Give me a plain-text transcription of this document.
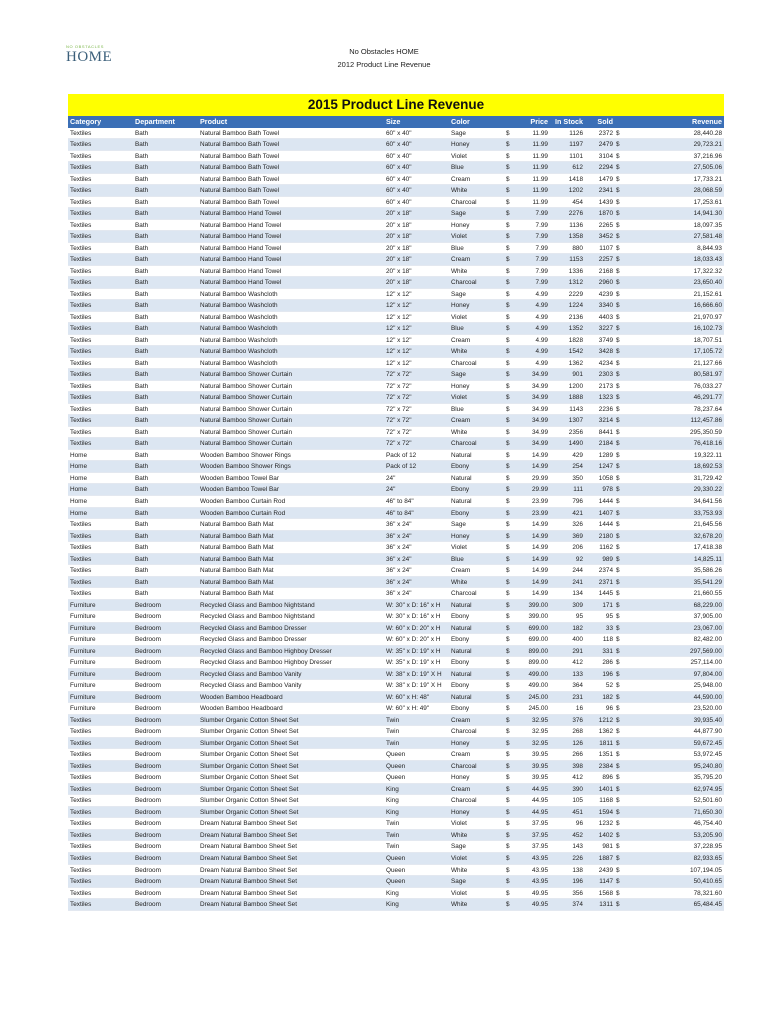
NO OBSTACLES
HOME	No Obstacles HOME
2012 Product Line Revenue
2015 Product Line Revenue
Category	Department	Product	Size	Color	Price In Stock	Sold	Revenue
Textiles	Bath	Natural Bamboo Bath Towel	60" x 40"	Sage	$	11.99	1126	2372 $	28,440.28
Textiles	Bath	Natural Bamboo Bath Towel	60" x 40"	Honey	$	11.99	1197	2479 $	29,723.21
Textiles	Bath	Natural Bamboo Bath Towel	60" x 40"	Violet	$	11.99	1101	3104 $	37,216.96
Textiles	Bath	Natural Bamboo Bath Towel	60" x 40"	Blue	$	11.99	612	2294 $	27,505.06
Textiles	Bath	Natural Bamboo Bath Towel	60" x 40"	Cream	$	11.99	1418	1479 $	17,733.21
Textiles	Bath	Natural Bamboo Bath Towel	60" x 40"	White	$	11.99	1202	2341 $	28,068.59
Textiles	Bath	Natural Bamboo Bath Towel	60" x 40"	Charcoal	$	11.99	454	1439 $	17,253.61
Textiles	Bath	Natural Bamboo Hand Towel	20" x 18"	Sage	$	7.99	2276	1870 $	14,941.30
Textiles	Bath	Natural Bamboo Hand Towel	20" x 18"	Honey	$	7.99	1136	2265 $	18,097.35
Textiles	Bath	Natural Bamboo Hand Towel	20" x 18"	Violet	$	7.99	1358	3452 $	27,581.48
Textiles	Bath	Natural Bamboo Hand Towel	20" x 18"	Blue	$	7.99	880	1107 $	8,844.93
Textiles	Bath	Natural Bamboo Hand Towel	20" x 18"	Cream	$	7.99	1153	2257 $	18,033.43
Textiles	Bath	Natural Bamboo Hand Towel	20" x 18"	White	$	7.99	1336	2168 $	17,322.32
Textiles	Bath	Natural Bamboo Hand Towel	20" x 18"	Charcoal	$	7.99	1312	2960 $	23,650.40
Textiles	Bath	Natural Bamboo Washcloth	12" x 12"	Sage	$	4.99	2229	4239 $	21,152.61
Textiles	Bath	Natural Bamboo Washcloth	12" x 12"	Honey	$	4.99	1224	3340 $	16,666.60
Textiles	Bath	Natural Bamboo Washcloth	12" x 12"	Violet	$	4.99	2136	4403 $	21,970.97
Textiles	Bath	Natural Bamboo Washcloth	12" x 12"	Blue	$	4.99	1352	3227 $	16,102.73
Textiles	Bath	Natural Bamboo Washcloth	12" x 12"	Cream	$	4.99	1828	3749 $	18,707.51
Textiles	Bath	Natural Bamboo Washcloth	12" x 12"	White	$	4.99	1542	3428 $	17,105.72
Textiles	Bath	Natural Bamboo Washcloth	12" x 12"	Charcoal	$	4.99	1362	4234 $	21,127.66
Textiles	Bath	Natural Bamboo Shower Curtain	72" x 72"	Sage	$	34.99	901	2303 $	80,581.97
Textiles	Bath	Natural Bamboo Shower Curtain	72" x 72"	Honey	$	34.99	1200	2173 $	76,033.27
Textiles	Bath	Natural Bamboo Shower Curtain	72" x 72"	Violet	$	34.99	1888	1323 $	46,291.77
Textiles	Bath	Natural Bamboo Shower Curtain	72" x 72"	Blue	$	34.99	1143	2236 $	78,237.64
Textiles	Bath	Natural Bamboo Shower Curtain	72" x 72"	Cream	$	34.99	1307	3214 $	112,457.86
Textiles	Bath	Natural Bamboo Shower Curtain	72" x 72"	White	$	34.99	2356	8441 $	295,350.59
Textiles	Bath	Natural Bamboo Shower Curtain	72" x 72"	Charcoal	$	34.99	1490	2184 $	76,418.16
Home	Bath	Wooden Bamboo Shower Rings	Pack of 12	Natural	$	14.99	429	1289 $	19,322.11
Home	Bath	Wooden Bamboo Shower Rings	Pack of 12	Ebony	$	14.99	254	1247 $	18,692.53
Home	Bath	Wooden Bamboo Towel Bar	24"	Natural	$	29.99	350	1058 $	31,729.42
Home	Bath	Wooden Bamboo Towel Bar	24"	Ebony	$	29.99	111	978 $	29,330.22
Home	Bath	Wooden Bamboo Curtain Rod	46" to 84"	Natural	$	23.99	796	1444 $	34,641.56
Home	Bath	Wooden Bamboo Curtain Rod	46" to 84"	Ebony	$	23.99	421	1407 $	33,753.93
Textiles	Bath	Natural Bamboo Bath Mat	36" x 24"	Sage	$	14.99	326	1444 $	21,645.56
Textiles	Bath	Natural Bamboo Bath Mat	36" x 24"	Honey	$	14.99	369	2180 $	32,678.20
Textiles	Bath	Natural Bamboo Bath Mat	36" x 24"	Violet	$	14.99	206	1162 $	17,418.38
Textiles	Bath	Natural Bamboo Bath Mat	36" x 24"	Blue	$	14.99	92	989 $	14,825.11
Textiles	Bath	Natural Bamboo Bath Mat	36" x 24"	Cream	$	14.99	244	2374 $	35,586.26
Textiles	Bath	Natural Bamboo Bath Mat	36" x 24"	White	$	14.99	241	2371 $	35,541.29
Textiles	Bath	Natural Bamboo Bath Mat	36" x 24"	Charcoal	$	14.99	134	1445 $	21,660.55
Furniture	Bedroom	Recycled Glass and Bamboo Nightstand	W: 30" x D: 16" x H	Natural	$	399.00	309	171 $	68,229.00
Furniture	Bedroom	Recycled Glass and Bamboo Nightstand	W: 30" x D: 16" x H	Ebony	$	399.00	95	95 $	37,905.00
Furniture	Bedroom	Recycled Glass and Bamboo Dresser	W: 60" x D: 20" x H	Natural	$	699.00	182	33 $	23,067.00
Furniture	Bedroom	Recycled Glass and Bamboo Dresser	W: 60" x D: 20" x H	Ebony	$	699.00	400	118 $	82,482.00
Furniture	Bedroom	Recycled Glass and Bamboo Highboy Dresser	W: 35" x D: 19" x H	Natural	$	899.00	291	331 $	297,569.00
Furniture	Bedroom	Recycled Glass and Bamboo Highboy Dresser	W: 35" x D: 19" x H	Ebony	$	899.00	412	286 $	257,114.00
Furniture	Bedroom	Recycled Glass and Bamboo Vanity	W: 38" x D: 19" X H	Natural	$	499.00	133	196 $	97,804.00
Furniture	Bedroom	Recycled Glass and Bamboo Vanity	W: 38" x D: 19" X H	Ebony	$	499.00	364	52 $	25,948.00
Furniture	Bedroom	Wooden Bamboo Headboard	W: 60" x H: 48"	Natural	$	245.00	231	182 $	44,590.00
Furniture	Bedroom	Wooden Bamboo Headboard	W: 60" x H: 49"	Ebony	$	245.00	16	96 $	23,520.00
Textiles	Bedroom	Slumber Organic Cotton Sheet Set	Twin	Cream	$	32.95	376	1212 $	39,935.40
Textiles	Bedroom	Slumber Organic Cotton Sheet Set	Twin	Charcoal	$	32.95	268	1362 $	44,877.90
Textiles	Bedroom	Slumber Organic Cotton Sheet Set	Twin	Honey	$	32.95	126	1811 $	59,672.45
Textiles	Bedroom	Slumber Organic Cotton Sheet Set	Queen	Cream	$	39.95	266	1351 $	53,972.45
Textiles	Bedroom	Slumber Organic Cotton Sheet Set	Queen	Charcoal	$	39.95	398	2384 $	95,240.80
Textiles	Bedroom	Slumber Organic Cotton Sheet Set	Queen	Honey	$	39.95	412	896 $	35,795.20
Textiles	Bedroom	Slumber Organic Cotton Sheet Set	King	Cream	$	44.95	390	1401 $	62,974.95
Textiles	Bedroom	Slumber Organic Cotton Sheet Set	King	Charcoal	$	44.95	105	1168 $	52,501.60
Textiles	Bedroom	Slumber Organic Cotton Sheet Set	King	Honey	$	44.95	451	1594 $	71,650.30
Textiles	Bedroom	Dream Natural Bamboo Sheet Set	Twin	Violet	$	37.95	96	1232 $	46,754.40
Textiles	Bedroom	Dream Natural Bamboo Sheet Set	Twin	White	$	37.95	452	1402 $	53,205.90
Textiles	Bedroom	Dream Natural Bamboo Sheet Set	Twin	Sage	$	37.95	143	981 $	37,228.95
Textiles	Bedroom	Dream Natural Bamboo Sheet Set	Queen	Violet	$	43.95	226	1887 $	82,933.65
Textiles	Bedroom	Dream Natural Bamboo Sheet Set	Queen	White	$	43.95	138	2439 $	107,194.05
Textiles	Bedroom	Dream Natural Bamboo Sheet Set	Queen	Sage	$	43.95	196	1147 $	50,410.65
Textiles	Bedroom	Dream Natural Bamboo Sheet Set	King	Violet	$	49.95	356	1568 $	78,321.60
Textiles	Bedroom	Dream Natural Bamboo Sheet Set	King	White	$	49.95	374	1311 $	65,484.45
